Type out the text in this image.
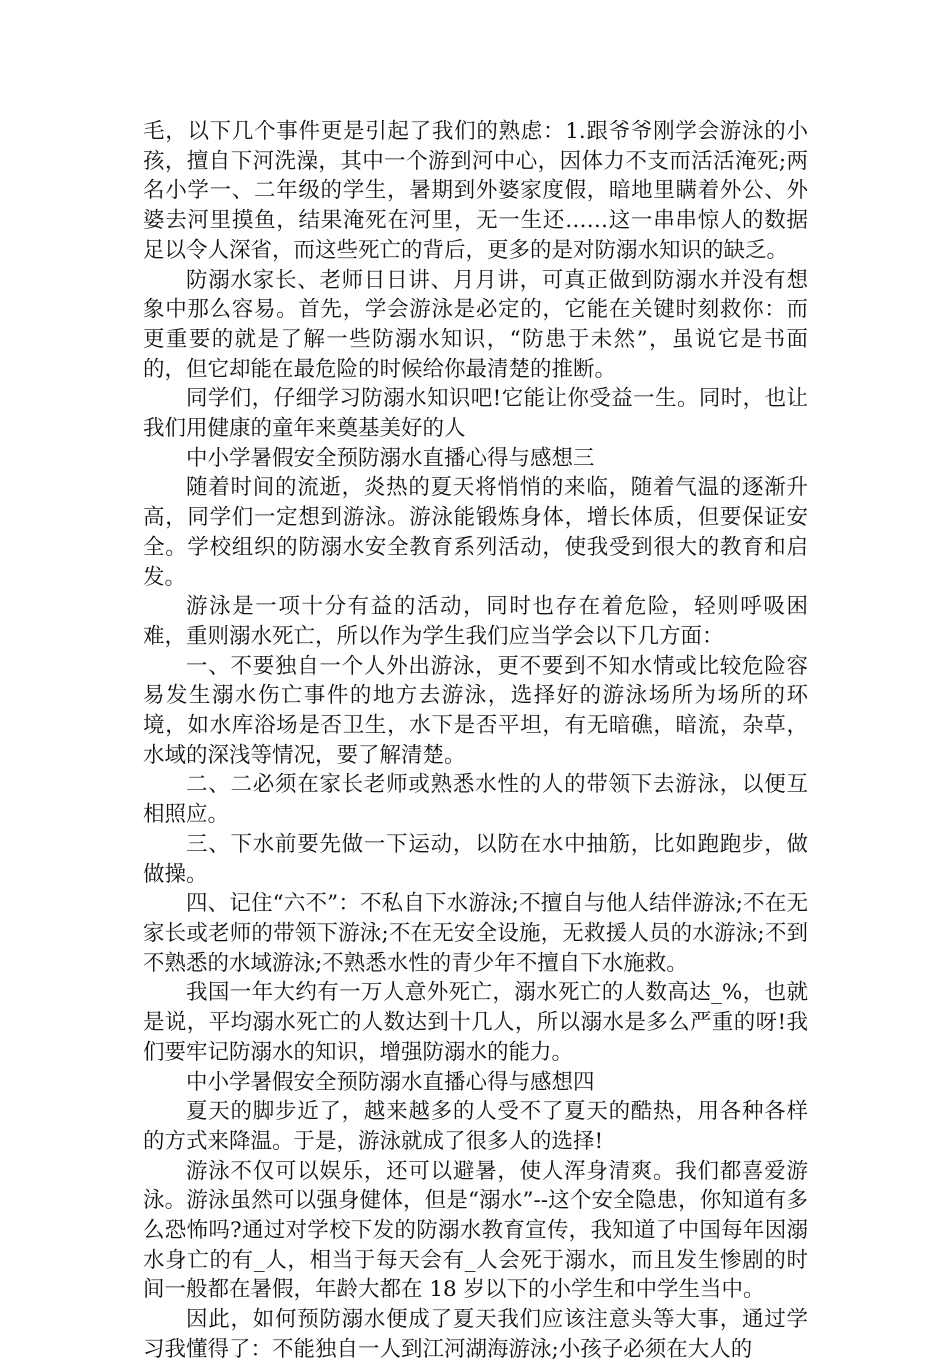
毛，以下几个事件更是引起了我们的熟虑：1.跟爷爷刚学会游泳的小孩，擅自下河洗澡，其中一个游到河中心，因体力不支而活活淹死;两名小学一、二年级的学生，暑期到外婆家度假，暗地里瞒着外公、外婆去河里摸鱼，结果淹死在河里，无一生还……这一串串惊人的数据足以令人深省，而这些死亡的背后，更多的是对防溺水知识的缺乏。

防溺水家长、老师日日讲、月月讲，可真正做到防溺水并没有想象中那么容易。首先，学会游泳是必定的，它能在关键时刻救你：而更重要的就是了解一些防溺水知识，“防患于未然”，虽说它是书面的，但它却能在最危险的时候给你最清楚的推断。

同学们，仔细学习防溺水知识吧!它能让你受益一生。同时，也让我们用健康的童年来奠基美好的人

中小学暑假安全预防溺水直播心得与感想三

随着时间的流逝，炎热的夏天将悄悄的来临，随着气温的逐渐升高，同学们一定想到游泳。游泳能锻炼身体，增长体质，但要保证安全。学校组织的防溺水安全教育系列活动，使我受到很大的教育和启发。

游泳是一项十分有益的活动，同时也存在着危险，轻则呼吸困难，重则溺水死亡，所以作为学生我们应当学会以下几方面：

一、不要独自一个人外出游泳，更不要到不知水情或比较危险容易发生溺水伤亡事件的地方去游泳，选择好的游泳场所为场所的环境，如水库浴场是否卫生，水下是否平坦，有无暗礁，暗流，杂草，水域的深浅等情况，要了解清楚。

二、二必须在家长老师或熟悉水性的人的带领下去游泳，以便互相照应。

三、下水前要先做一下运动，以防在水中抽筋，比如跑跑步，做做操。

四、记住“六不”：不私自下水游泳;不擅自与他人结伴游泳;不在无家长或老师的带领下游泳;不在无安全设施，无救援人员的水游泳;不到不熟悉的水域游泳;不熟悉水性的青少年不擅自下水施救。

我国一年大约有一万人意外死亡，溺水死亡的人数高达_%，也就是说，平均溺水死亡的人数达到十几人，所以溺水是多么严重的呀!我们要牢记防溺水的知识，增强防溺水的能力。

中小学暑假安全预防溺水直播心得与感想四

夏天的脚步近了，越来越多的人受不了夏天的酷热，用各种各样的方式来降温。于是，游泳就成了很多人的选择!

游泳不仅可以娱乐，还可以避暑，使人浑身清爽。我们都喜爱游泳。游泳虽然可以强身健体，但是“溺水”--这个安全隐患，你知道有多么恐怖吗?通过对学校下发的防溺水教育宣传，我知道了中国每年因溺水身亡的有_人，相当于每天会有_人会死于溺水，而且发生惨剧的时间一般都在暑假，年龄大都在 18 岁以下的小学生和中学生当中。

因此，如何预防溺水便成了夏天我们应该注意头等大事，通过学习我懂得了：不能独自一人到江河湖海游泳;小孩子必须在大人的
